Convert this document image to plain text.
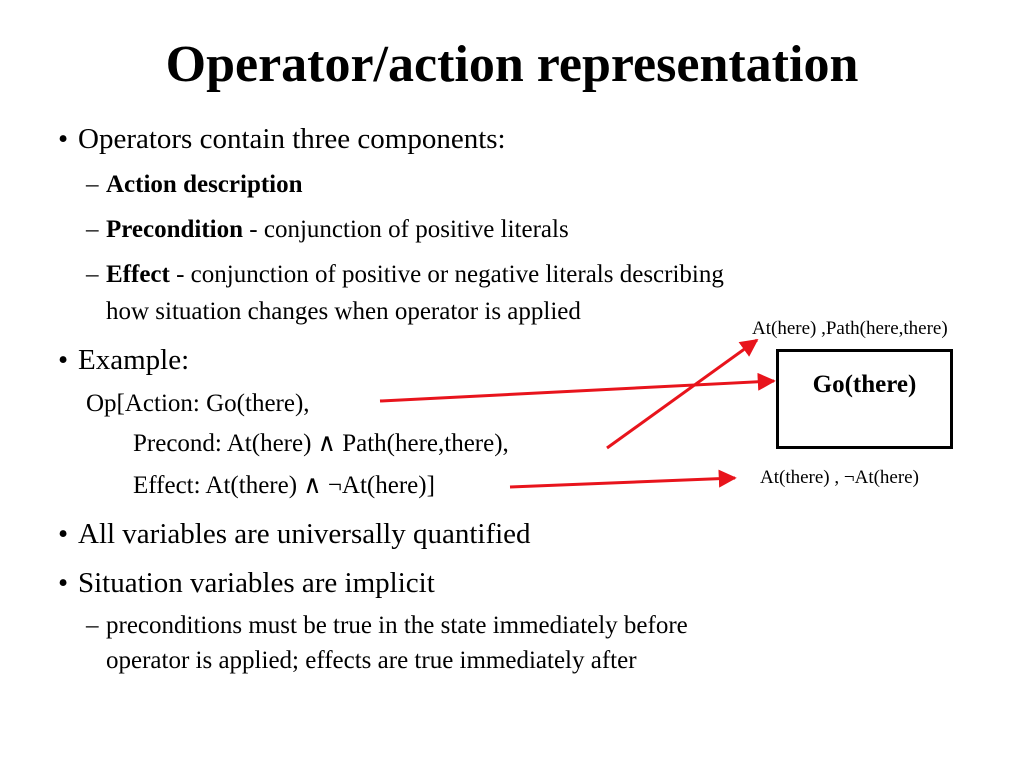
Operator/action representation
• Operators contain three components:
– Action description
– Precondition - conjunction of positive literals
– Effect - conjunction of positive or negative literals describing
how situation changes when operator is applied
• Example:
Op[Action: Go(there),
Precond: At(here) ∧ Path(here,there),
Effect: At(there) ∧ ¬At(here)]
• All variables are universally quantified
• Situation variables are implicit
– preconditions must be true in the state immediately before
operator is applied; effects are true immediately after
Go(there)
At(here) ,Path(here,there)
At(there) , ¬At(here)
